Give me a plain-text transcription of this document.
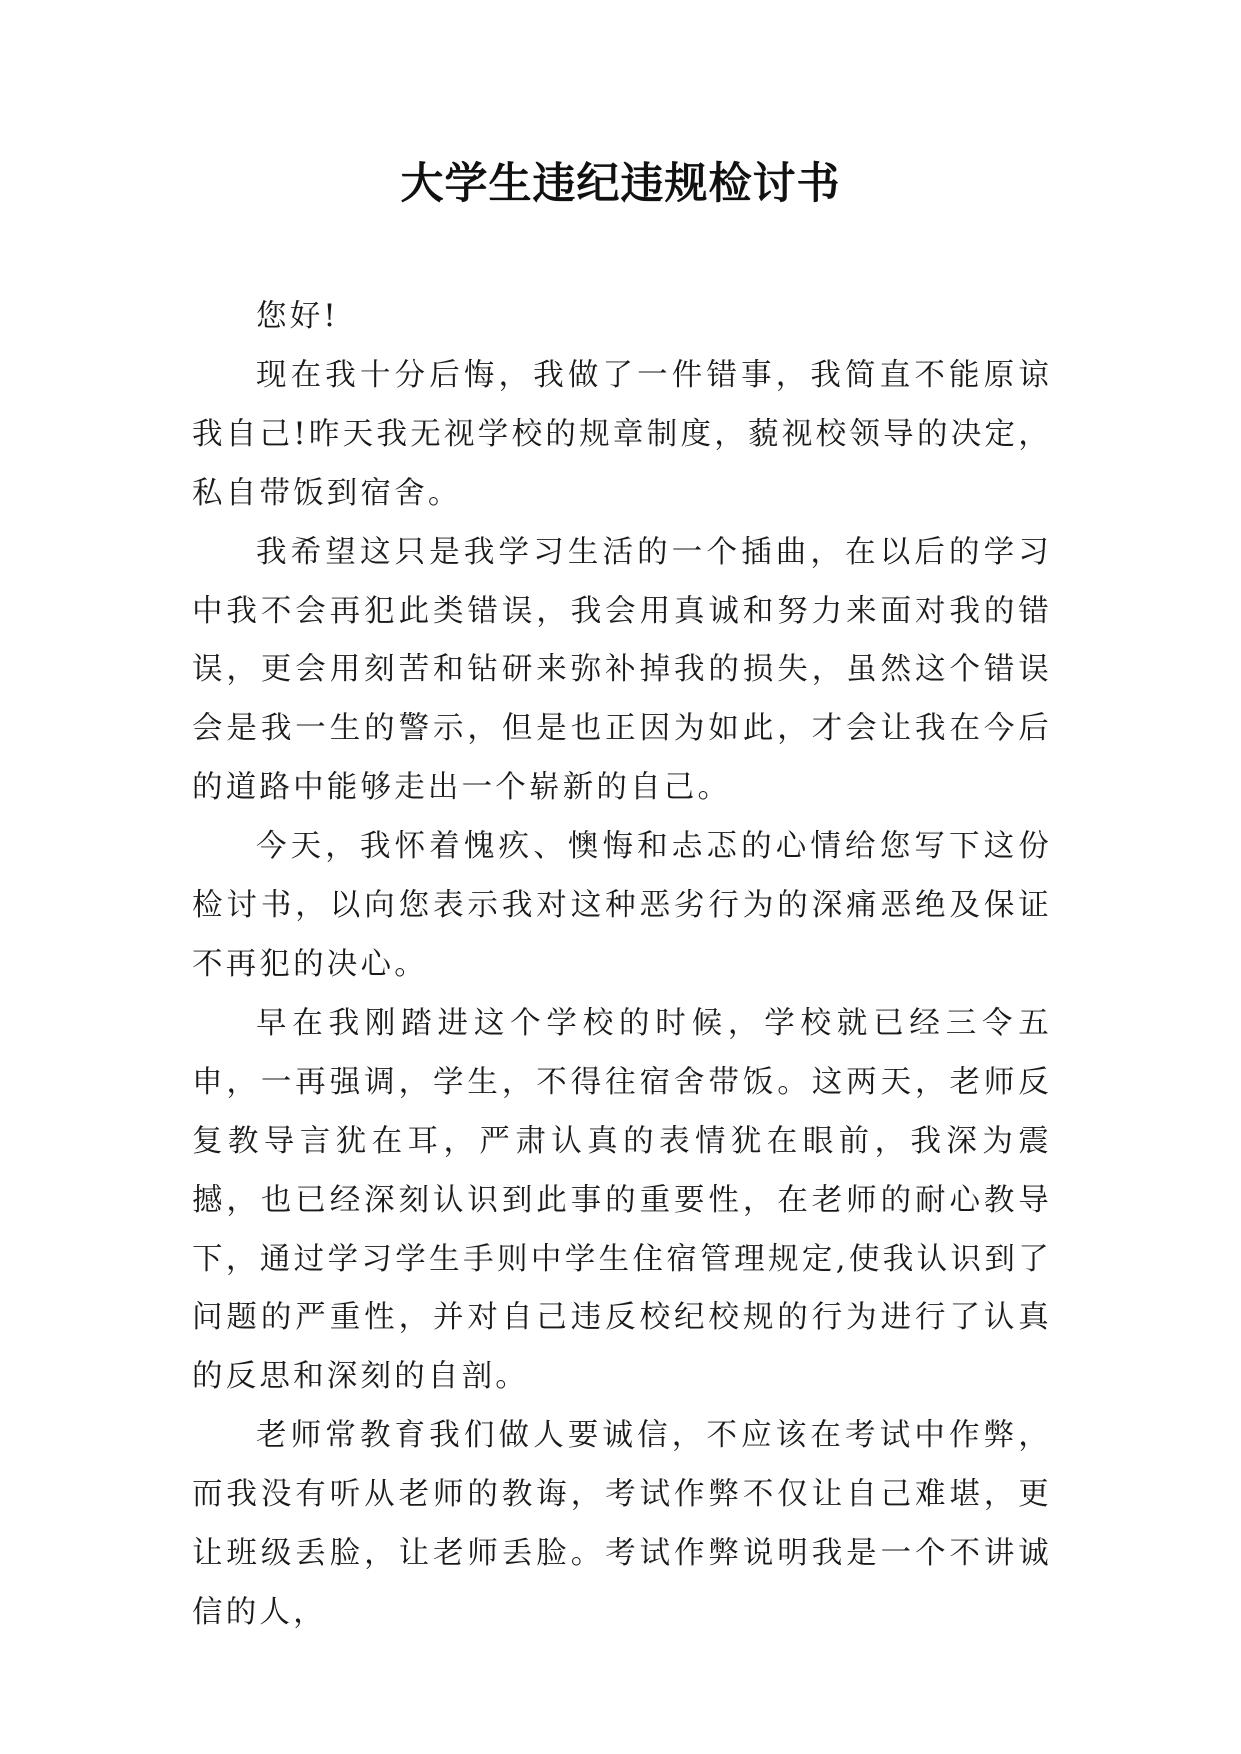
大学生违纪违规检讨书

您好!

现在我十分后悔，我做了一件错事，我简直不能原谅我自己!昨天我无视学校的规章制度，藐视校领导的决定，私自带饭到宿舍。

我希望这只是我学习生活的一个插曲，在以后的学习中我不会再犯此类错误，我会用真诚和努力来面对我的错误，更会用刻苦和钻研来弥补掉我的损失，虽然这个错误会是我一生的警示，但是也正因为如此，才会让我在今后的道路中能够走出一个崭新的自己。

今天，我怀着愧疚、懊悔和忐忑的心情给您写下这份检讨书，以向您表示我对这种恶劣行为的深痛恶绝及保证不再犯的决心。

早在我刚踏进这个学校的时候，学校就已经三令五申，一再强调，学生，不得往宿舍带饭。这两天，老师反复教导言犹在耳，严肃认真的表情犹在眼前，我深为震撼，也已经深刻认识到此事的重要性，在老师的耐心教导下，通过学习学生手则中学生住宿管理规定,使我认识到了问题的严重性，并对自己违反校纪校规的行为进行了认真的反思和深刻的自剖。

老师常教育我们做人要诚信，不应该在考试中作弊，而我没有听从老师的教诲，考试作弊不仅让自己难堪，更让班级丢脸，让老师丢脸。考试作弊说明我是一个不讲诚信的人，
